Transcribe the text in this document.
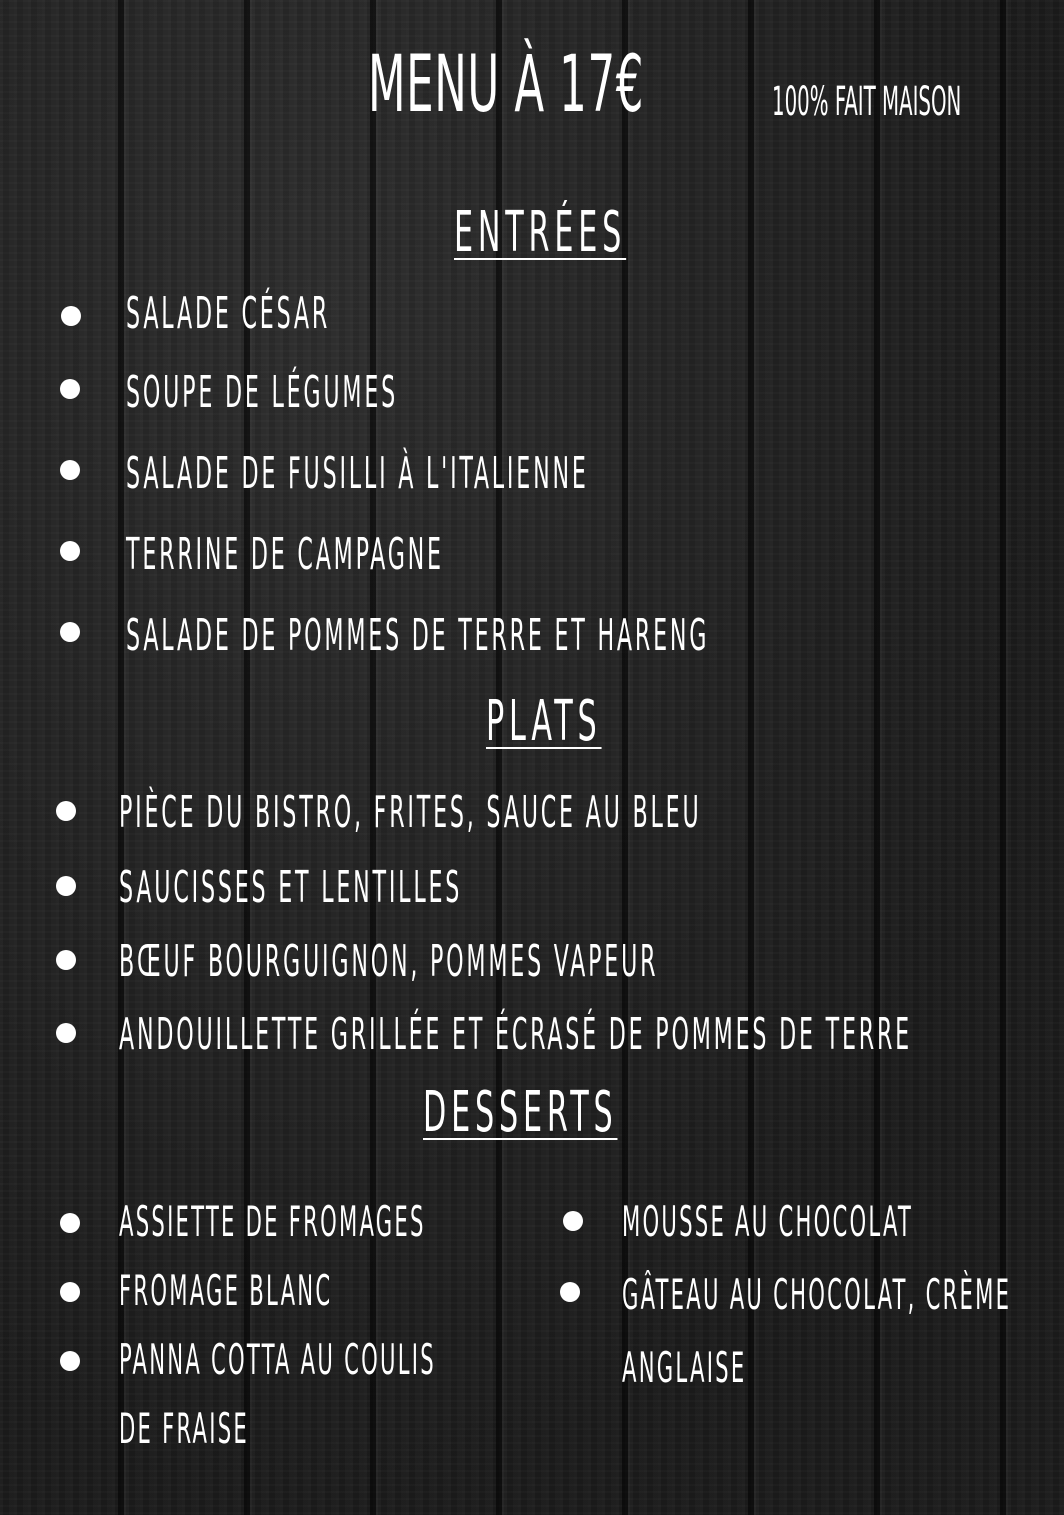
MENU À 17€	100% FAIT MAISON
ENTRÉES
SALADE CÉSAR
SOUPE DE LÉGUMES
SALADE DE FUSILLI À L'ITALIENNE
TERRINE DE CAMPAGNE
SALADE DE POMMES DE TERRE ET HARENG
PLATS
PIÈCE DU BISTRO, FRITES, SAUCE AU BLEU
SAUCISSES ET LENTILLES
BŒUF BOURGUIGNON, POMMES VAPEUR
ANDOUILLETTE GRILLÉE ET ÉCRASÉ DE POMMES DE TERRE
DESSERTS
ASSIETTE DE FROMAGES
FROMAGE BLANC
PANNA COTTA AU COULIS
DE FRAISE
MOUSSE AU CHOCOLAT
GÂTEAU AU CHOCOLAT, CRÈME
ANGLAISE
